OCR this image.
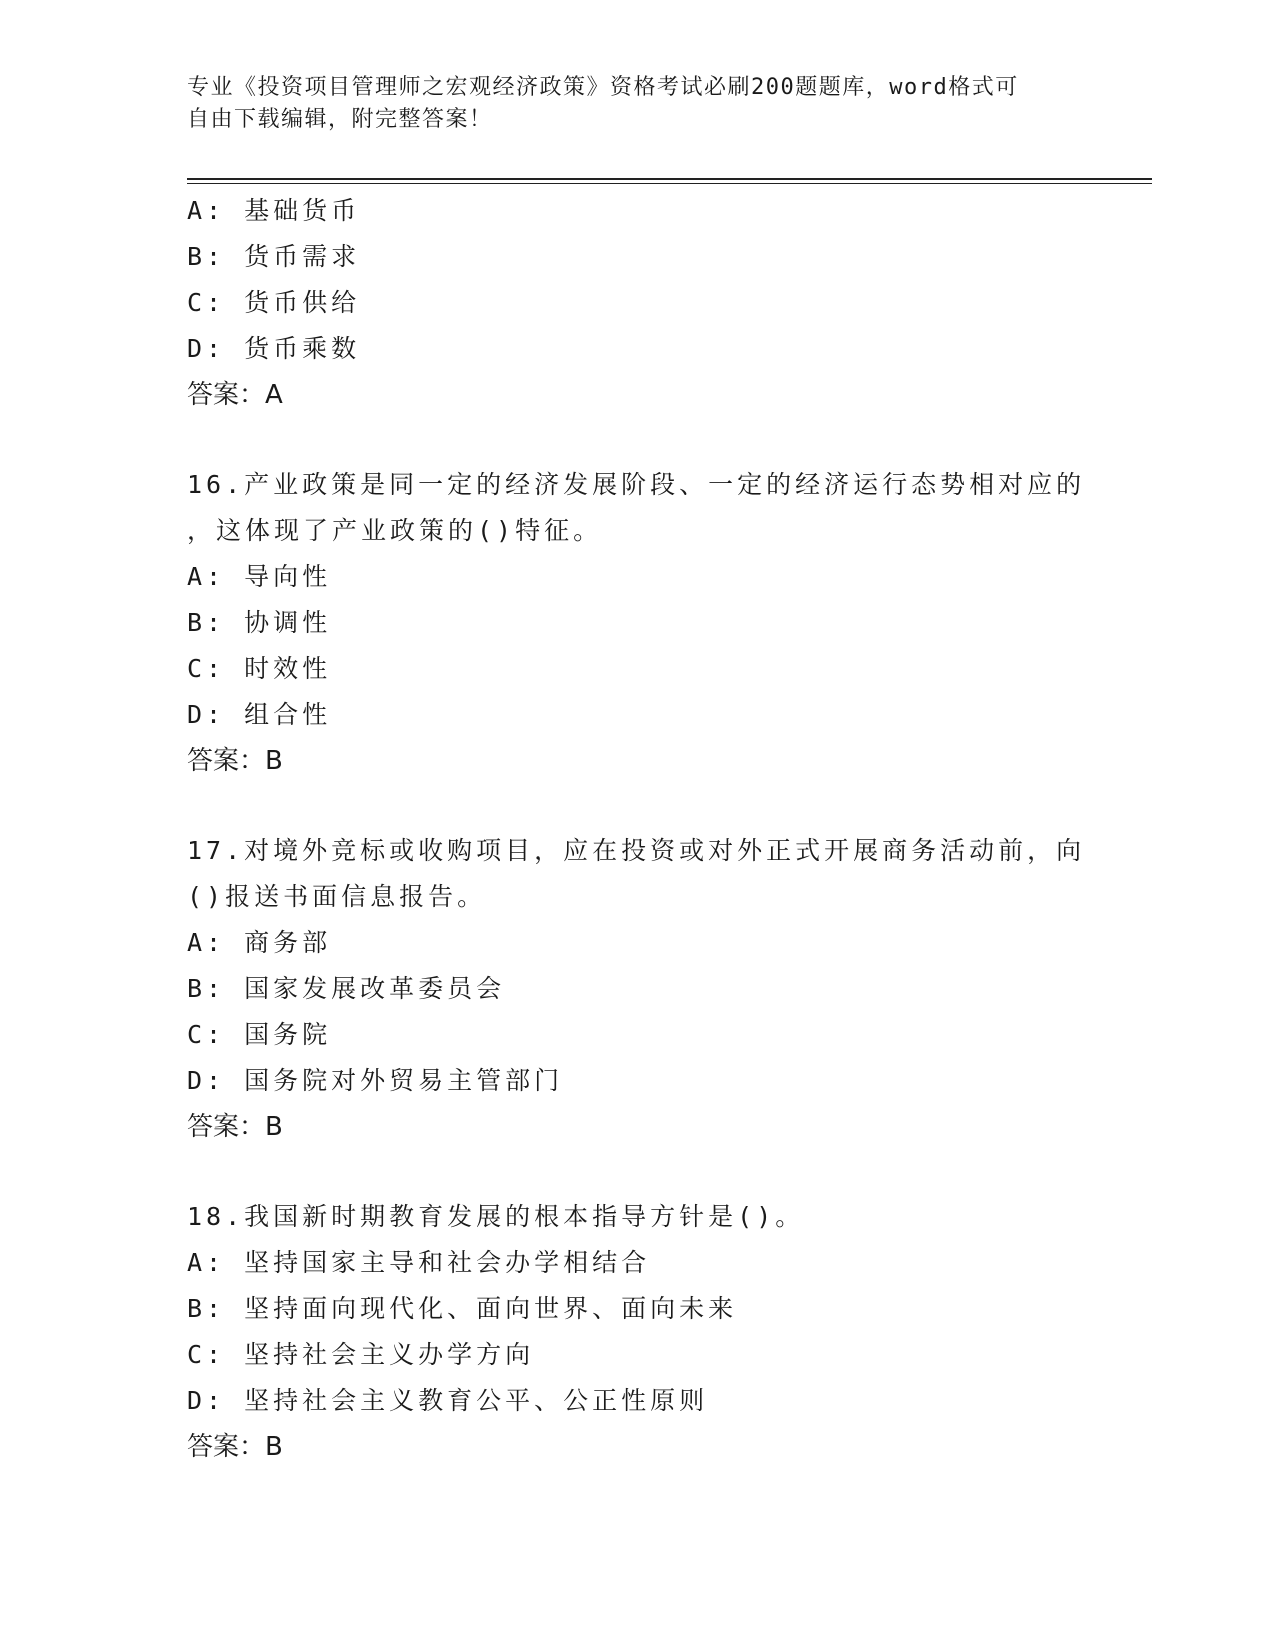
专业《投资项目管理师之宏观经济政策》资格考试必刷200题题库，word格式可
自由下载编辑，附完整答案！
A: 基础货币
B: 货币需求
C: 货币供给
D: 货币乘数
答案：A
16.产业政策是同一定的经济发展阶段、一定的经济运行态势相对应的
，这体现了产业政策的()特征。
A: 导向性
B: 协调性
C: 时效性
D: 组合性
答案：B
17.对境外竞标或收购项目，应在投资或对外正式开展商务活动前，向
()报送书面信息报告。
A: 商务部
B: 国家发展改革委员会
C: 国务院
D: 国务院对外贸易主管部门
答案：B
18.我国新时期教育发展的根本指导方针是()。
A: 坚持国家主导和社会办学相结合
B: 坚持面向现代化、面向世界、面向未来
C: 坚持社会主义办学方向
D: 坚持社会主义教育公平、公正性原则
答案：B
